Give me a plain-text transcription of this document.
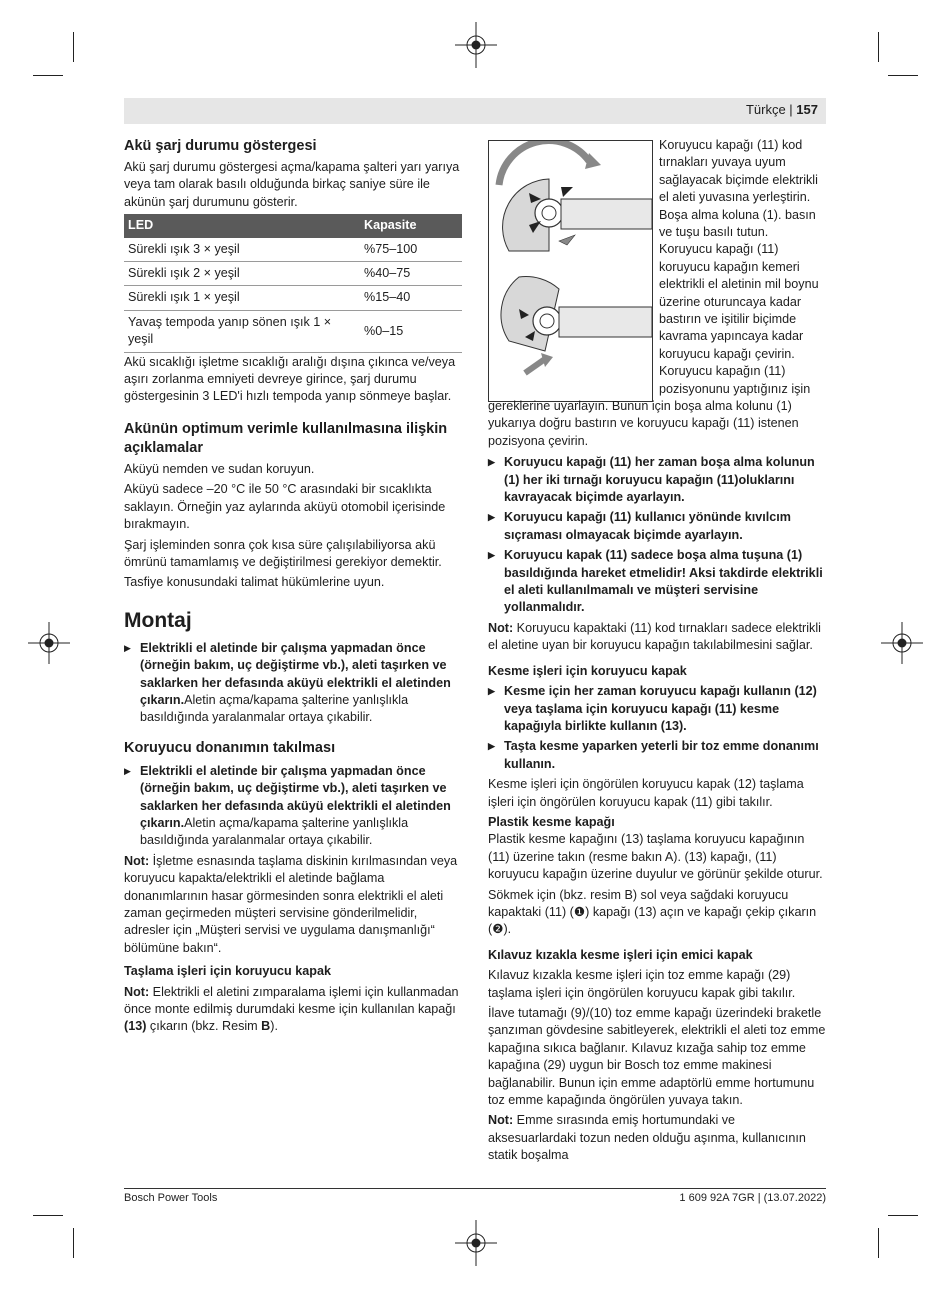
Türkçe | 157
Akü şarj durumu göstergesi

Akü şarj durumu göstergesi açma/kapama şalteri yarı yarıya veya tam olarak basılı olduğunda birkaç saniye süre ile akünün şarj durumunu gösterir.

LED	Kapasite
Sürekli ışık 3 × yeşil	%75–100
Sürekli ışık 2 × yeşil	%40–75
Sürekli ışık 1 × yeşil	%15–40
Yavaş tempoda yanıp sönen ışık 1 × yeşil	%0–15

Akü sıcaklığı işletme sıcaklığı aralığı dışına çıkınca ve/veya aşırı zorlanma emniyeti devreye girince, şarj durumu göstergesinin 3 LED'i hızlı tempoda yanıp sönmeye başlar.

Akünün optimum verimle kullanılmasına ilişkin açıklamalar

Aküyü nemden ve sudan koruyun.

Aküyü sadece –20 °C ile 50 °C arasındaki bir sıcaklıkta saklayın. Örneğin yaz aylarında aküyü otomobil içerisinde bırakmayın.

Şarj işleminden sonra çok kısa süre çalışılabiliyorsa akü ömrünü tamamlamış ve değiştirilmesi gerekiyor demektir.

Tasfiye konusundaki talimat hükümlerine uyun.

Montaj
▶ Elektrikli el aletinde bir çalışma yapmadan önce (örneğin bakım, uç değiştirme vb.), aleti taşırken ve saklarken her defasında aküyü elektrikli el aletinden çıkarın.Aletin açma/kapama şalterine yanlışlıkla basıldığında yaralanmalar ortaya çıkabilir.
Koruyucu donanımın takılması
▶ Elektrikli el aletinde bir çalışma yapmadan önce (örneğin bakım, uç değiştirme vb.), aleti taşırken ve saklarken her defasında aküyü elektrikli el aletinden çıkarın.Aletin açma/kapama şalterine yanlışlıkla basıldığında yaralanmalar ortaya çıkabilir.

Not: İşletme esnasında taşlama diskinin kırılmasından veya koruyucu kapakta/elektrikli el aletinde bağlama donanımlarının hasar görmesinden sonra elektrikli el aleti zaman geçirmeden müşteri servisine gönderilmelidir, adresler için „Müşteri servisi ve uygulama danışmanlığı“ bölümüne bakın“.

Taşlama işleri için koruyucu kapak

Not: Elektrikli el aletini zımparalama işlemi için kullanmadan önce monte edilmiş durumdaki kesme için kullanılan kapağı (13) çıkarın (bkz. Resim B).

Koruyucu kapağı (11) kod
tırnakları yuvaya uyum
sağlayacak biçimde elektrikli
el aleti yuvasına yerleştirin.
Boşa alma koluna (1). basın
ve tuşu basılı tutun.
Koruyucu kapağı (11)
koruyucu kapağın kemeri
elektrikli el aletinin mil boynu
üzerine oturuncaya kadar
bastırın ve işitilir biçimde
kavrama yapıncaya kadar
koruyucu kapağı çevirin.
Koruyucu kapağın (11)
pozisyonunu yaptığınız işin

gereklerine uyarlayın. Bunun için boşa alma kolunu (1) yukarıya doğru bastırın ve koruyucu kapağı (11) istenen pozisyona çevirin.

▶ Koruyucu kapağı (11) her zaman boşa alma kolunun (1) her iki tırnağı koruyucu kapağın (11)oluklarını kavrayacak biçimde ayarlayın.
▶ Koruyucu kapağı (11) kullanıcı yönünde kıvılcım sıçraması olmayacak biçimde ayarlayın.
▶ Koruyucu kapak (11) sadece boşa alma tuşuna (1) basıldığında hareket etmelidir! Aksi takdirde elektrikli el aleti kullanılmamalı ve müşteri servisine yollanmalıdır.

Not: Koruyucu kapaktaki (11) kod tırnakları sadece elektrikli el aletine uyan bir koruyucu kapağın takılabilmesini sağlar.

Kesme işleri için koruyucu kapak
▶ Kesme için her zaman koruyucu kapağı kullanın (12) veya taşlama için koruyucu kapağı (11) kesme kapağıyla birlikte kullanın (13).
▶ Taşta kesme yaparken yeterli bir toz emme donanımı kullanın.

Kesme işleri için öngörülen koruyucu kapak (12) taşlama işleri için öngörülen koruyucu kapak (11) gibi takılır.

Plastik kesme kapağı

Plastik kesme kapağını (13) taşlama koruyucu kapağının (11) üzerine takın (resme bakın A). (13) kapağı, (11) koruyucu kapağın üzerine duyulur ve görünür şekilde oturur.

Sökmek için (bkz. resim B) sol veya sağdaki koruyucu kapaktaki (11) (❶) kapağı (13) açın ve kapağı çekip çıkarın (❷).

Kılavuz kızakla kesme işleri için emici kapak

Kılavuz kızakla kesme işleri için toz emme kapağı (29) taşlama işleri için öngörülen koruyucu kapak gibi takılır.

İlave tutamağı (9)/(10) toz emme kapağı üzerindeki braketle şanzıman gövdesine sabitleyerek, elektrikli el aleti toz emme kapağına sıkıca bağlanır. Kılavuz kızağa sahip toz emme kapağına (29) uygun bir Bosch toz emme makinesi bağlanabilir. Bunun için emme adaptörlü emme hortumunu toz emme kapağında öngörülen yuvaya takın.

Not: Emme sırasında emiş hortumundaki ve aksesuarlardaki tozun neden olduğu aşınma, kullanıcının statik boşalma

Bosch Power Tools	1 609 92A 7GR | (13.07.2022)
